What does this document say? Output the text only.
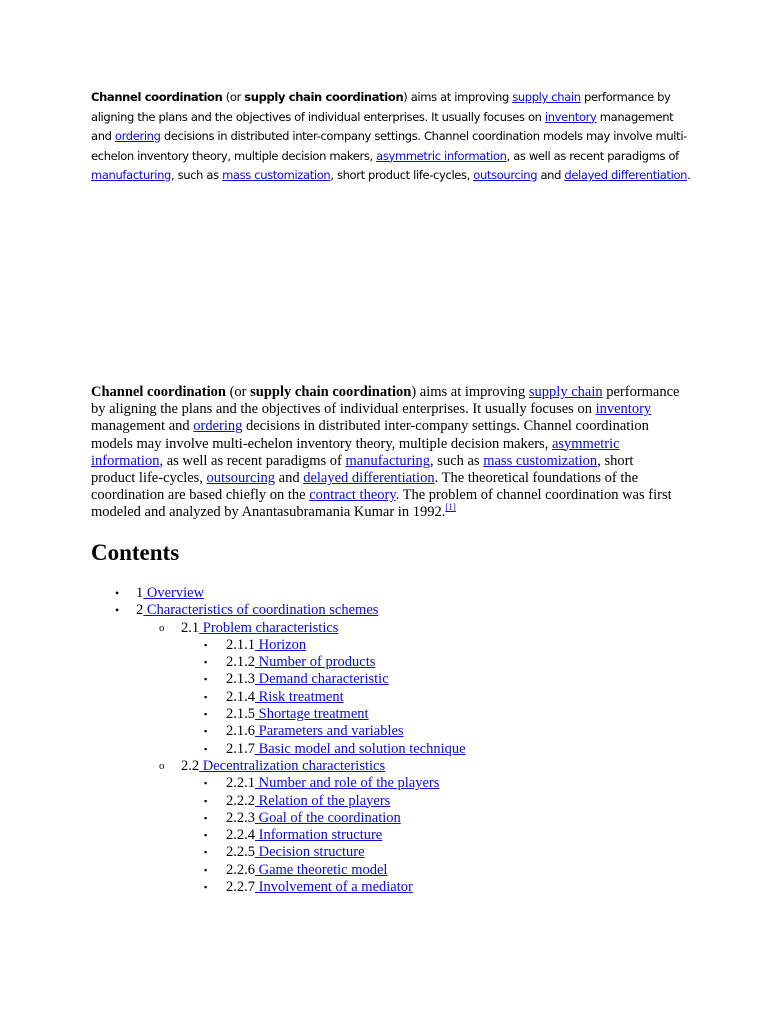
Channel coordination (or supply chain coordination) aims at improving supply chain performance by aligning the plans and the objectives of individual enterprises. It usually focuses on inventory management and ordering decisions in distributed inter-company settings. Channel coordination models may involve multi-echelon inventory theory, multiple decision makers, asymmetric information, as well as recent paradigms of manufacturing, such as mass customization, short product life-cycles, outsourcing and delayed differentiation.

Channel coordination (or supply chain coordination) aims at improving supply chain performance by aligning the plans and the objectives of individual enterprises. It usually focuses on inventory management and ordering decisions in distributed inter-company settings. Channel coordination models may involve multi-echelon inventory theory, multiple decision makers, asymmetric information, as well as recent paradigms of manufacturing, such as mass customization, short product life-cycles, outsourcing and delayed differentiation. The theoretical foundations of the coordination are based chiefly on the contract theory. The problem of channel coordination was first modeled and analyzed by Anantasubramania Kumar in 1992.[1]

Contents
• 1 Overview
• 2 Characteristics of coordination schemes
o 2.1 Problem characteristics
▪ 2.1.1 Horizon
▪ 2.1.2 Number of products
▪ 2.1.3 Demand characteristic
▪ 2.1.4 Risk treatment
▪ 2.1.5 Shortage treatment
▪ 2.1.6 Parameters and variables
▪ 2.1.7 Basic model and solution technique
o 2.2 Decentralization characteristics
▪ 2.2.1 Number and role of the players
▪ 2.2.2 Relation of the players
▪ 2.2.3 Goal of the coordination
▪ 2.2.4 Information structure
▪ 2.2.5 Decision structure
▪ 2.2.6 Game theoretic model
▪ 2.2.7 Involvement of a mediator
